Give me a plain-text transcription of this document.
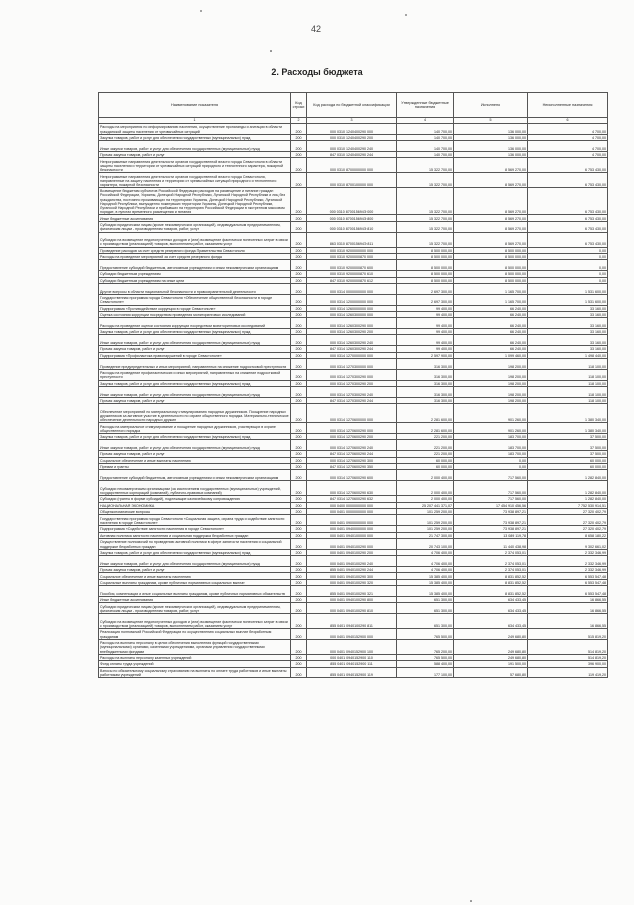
42
2. Расходы бюджета
Наименование показателя	Код строки	Код расхода по бюджетной классификации	Утвержденные бюджетные назначения	Исполнено	Неисполненные назначения
1	2	3	4	5	6
Расходы на мероприятия по информированию населения, осуществление пропаганды и агитации в области гражданской защиты населения от чрезвычайных ситуаций	200	000 0310 1240400290 000	140 700,00	136 000,00	4 700,00
Закупка товаров, работ и услуг для обеспечения государственных (муниципальных) нужд	200	000 0310 1240400290 200	140 700,00	136 000,00	4 700,00
Иные закупки товаров, работ и услуг для обеспечения государственных (муниципальных) нужд	200	000 0310 1240400290 240	140 700,00	136 000,00	4 700,00
Прочая закупка товаров, работ и услуг	200	847 0310 1240400290 244	140 700,00	136 000,00	4 700,00
Непрограммные направления деятельности органов государственной власти города Севастополя в области защиты населения и территории от чрезвычайных ситуаций природного и техногенного характера, пожарной безопасности	200	000 0310 8700000000 000	15 322 700,00	8 569 270,00	6 753 430,00
Непрограммные направления деятельности органов государственной власти города Севастополя, направленные на защиту населения и территории от чрезвычайных ситуаций природного и техногенного характера, пожарной безопасности	200	000 0310 8700100000 000	15 322 700,00	8 569 270,00	6 753 430,00
Возмещение бюджетам субъектов Российской Федерации расходов на размещение и питание граждан Российской Федерации, Украины, Донецкой Народной Республики, Луганской Народной Республики и лиц без гражданства, постоянно проживающих на территориях Украины, Донецкой Народной Республики, Луганской Народной Республики, вынужденно покинувших территории Украины, Донецкой Народной Республики, Луганской Народной Республики и прибывших на территорию Российской Федерации в экстренном массовом порядке, в пунктах временного размещения и питания	200	000 0310 870015694Э 000	15 322 700,00	8 569 270,00	6 753 430,00
Иные бюджетные ассигнования	200	000 0310 870015694Э 800	15 322 700,00	8 569 270,00	6 753 430,00
Субсидии юридическим лицам (кроме некоммерческих организаций), индивидуальным предпринимателям, физическим лицам - производителям товаров, работ, услуг	200	000 0310 870015694Э 810	15 322 700,00	8 569 270,00	6 753 430,00
Субсидии на возмещение недополученных доходов и (или) возмещение фактически понесенных затрат в связи с производством (реализацией) товаров, выполнением работ, оказанием услуг	200	863 0310 870015694Э 811	15 322 700,00	8 569 270,00	6 753 430,00
Проведение расходов за счет средств резервного фонда Правительства Севастополя	200	000 0310 9200000000 000	8 500 000,00	8 500 000,00	0,00
Расходы на проведение мероприятий за счет средств резервного фонда	200	000 0310 9200000870 000	8 500 000,00	8 500 000,00	0,00
Предоставление субсидий бюджетным, автономным учреждениям и иным некоммерческим организациям	200	000 0310 9200000870 600	8 500 000,00	8 500 000,00	0,00
Субсидии бюджетным учреждениям	200	000 0310 9200000870 610	8 500 000,00	8 500 000,00	0,00
Субсидии бюджетным учреждениям на иные цели	200	847 0310 9200000870 612	8 500 000,00	8 500 000,00	0,00
Другие вопросы в области национальной безопасности и правоохранительной деятельности	200	000 0314 0000000000 000	2 697 300,00	1 165 700,00	1 531 600,00
Государственная программа города Севастополя «Обеспечение общественной безопасности в городе Севастополе»	200	000 0314 1200000000 000	2 697 300,00	1 165 700,00	1 531 600,00
Подпрограмма «Противодействие коррупции в городе Севастополе»	200	000 0314 1260000000 000	99 400,00	66 240,00	33 160,00
Оценка состояния коррупции посредством проведения мониторинговых исследований	200	000 0314 1260300000 000	99 400,00	66 240,00	33 160,00
Расходы на проведение оценки состояния коррупции посредством мониторинговых исследований	200	000 0314 1260300290 000	99 400,00	66 240,00	33 160,00
Закупка товаров, работ и услуг для обеспечения государственных (муниципальных) нужд	200	000 0314 1260300290 200	99 400,00	66 240,00	33 160,00
Иные закупки товаров, работ и услуг для обеспечения государственных (муниципальных) нужд	200	000 0314 1260300290 240	99 400,00	66 240,00	33 160,00
Прочая закупка товаров, работ и услуг	200	847 0314 1260300290 244	99 400,00	66 240,00	33 160,00
Подпрограмма «Профилактика правонарушений в городе Севастополе»	200	000 0314 1270000000 000	2 597 900,00	1 099 460,00	1 498 440,00
Проведение предупредительных и иных мероприятий, направленных на снижение подростковой преступности	200	000 0314 1270300000 000	316 300,00	198 200,00	118 100,00
Расходы на проведение профилактических и иных мероприятий, направленных на снижение подростковой преступности	200	000 0314 1270300290 000	316 300,00	198 200,00	118 100,00
Закупка товаров, работ и услуг для обеспечения государственных (муниципальных) нужд	200	000 0314 1270300290 200	316 300,00	198 200,00	118 100,00
Иные закупки товаров, работ и услуг для обеспечения государственных (муниципальных) нужд	200	000 0314 1270300290 240	316 300,00	198 200,00	118 100,00
Прочая закупка товаров, работ и услуг	200	847 0314 1270300290 244	316 300,00	198 200,00	118 100,00
Обеспечение мероприятий по материальному стимулированию народных дружинников. Поощрение народных дружинников за активное участие в деятельности по охране общественного порядка. Материально-техническое обеспечение деятельности народных дружин	200	000 0314 1270600000 000	2 281 600,00	901 260,00	1 380 340,00
Расходы на материальное стимулирование и поощрение народных дружинников, участвующих в охране общественного порядка	200	000 0314 1270600290 000	2 281 600,00	901 260,00	1 380 340,00
Закупка товаров, работ и услуг для обеспечения государственных (муниципальных) нужд	200	000 0314 1270600290 200	221 200,00	183 700,00	37 500,00
Иные закупки товаров, работ и услуг для обеспечения государственных (муниципальных) нужд	200	000 0314 1270600290 240	221 200,00	183 700,00	37 500,00
Прочая закупка товаров, работ и услуг	200	847 0314 1270600290 244	221 200,00	183 700,00	37 500,00
Социальное обеспечение и иные выплаты населению	200	000 0314 1270600290 300	60 000,00	0,00	60 000,00
Премии и гранты	200	847 0314 1270600290 350	60 000,00	0,00	60 000,00
Предоставление субсидий бюджетным, автономным учреждениям и иным некоммерческим организациям	200	000 0314 1270600290 600	2 000 400,00	717 560,00	1 282 840,00
Субсидии некоммерческим организациям (за исключением государственных (муниципальных) учреждений, государственных корпораций (компаний), публично-правовых компаний)	200	000 0314 1270600290 630	2 000 400,00	717 560,00	1 282 840,00
Субсидии (гранты в форме субсидий), подлежащие казначейскому сопровождению	200	847 0314 1270600290 632	2 000 400,00	717 560,00	1 282 840,00
НАЦИОНАЛЬНАЯ ЭКОНОМИКА	200	000 0400 0000000000 000	25 207 441 371,07	17 454 910 456,56	7 752 530 914,51
Общеэкономические вопросы	200	000 0401 0000000000 000	101 259 200,00	73 938 897,21	27 320 402,79
Государственная программа города Севастополя «Социальная защита, охрана труда и содействие занятости населения в городе Севастополе»	200	000 0401 0900000000 000	101 259 200,00	73 938 897,21	27 320 402,79
Подпрограмма «Содействие занятости населения в городе Севастополе»	200	000 0401 0940000000 000	101 259 200,00	73 938 897,21	27 320 402,79
Активная политика занятости населения и социальная поддержка безработных граждан	200	000 0401 0940100000 000	21 747 300,00	13 089 119,78	8 658 180,22
Осуществление полномочий по проведению активной политики в сфере занятости населения и социальной поддержке безработных граждан	200	000 0401 0940100290 000	20 743 100,00	11 440 438,98	9 302 661,02
Закупка товаров, работ и услуг для обеспечения государственных (муниципальных) нужд	200	000 0401 0940100290 200	4 706 400,00	2 374 053,01	2 332 346,99
Иные закупки товаров, работ и услуг для обеспечения государственных (муниципальных) нужд	200	000 0401 0940100290 240	4 706 400,00	2 374 053,01	2 332 346,99
Прочая закупка товаров, работ и услуг	200	855 0401 0940100290 244	4 706 400,00	2 374 053,01	2 332 346,99
Социальное обеспечение и иные выплаты населению	200	000 0401 0940100290 300	15 385 400,00	8 831 852,52	6 553 547,48
Социальные выплаты гражданам, кроме публичных нормативных социальных выплат	200	000 0401 0940100290 320	15 385 400,00	8 831 852,52	6 553 547,48
Пособия, компенсации и иные социальные выплаты гражданам, кроме публичных нормативных обязательств	200	855 0401 0940100290 321	15 385 400,00	8 831 852,52	6 553 547,48
Иные бюджетные ассигнования	200	000 0401 0940100290 800	651 300,00	634 433,45	16 866,55
Субсидии юридическим лицам (кроме некоммерческих организаций), индивидуальным предпринимателям, физическим лицам - производителям товаров, работ, услуг	200	000 0401 0940100290 810	651 300,00	634 433,45	16 866,55
Субсидии на возмещение недополученных доходов и (или) возмещение фактически понесенных затрат в связи с производством (реализацией) товаров, выполнением работ, оказанием услуг	200	855 0401 0940100290 811	651 300,00	634 433,45	16 866,55
Реализация полномочий Российской Федерации по осуществлению социальных выплат безработным гражданам	200	000 0401 0940152900 000	765 500,00	249 680,80	515 819,20
Расходы на выплаты персоналу в целях обеспечения выполнения функций государственными (муниципальными) органами, казенными учреждениями, органами управления государственными внебюджетными фондами	200	000 0401 0940152900 100	765 200,00	249 680,80	514 819,20
Расходы на выплаты персоналу казенных учреждений	200	000 0401 0940152900 110	765 500,00	249 680,80	514 819,20
Фонд оплаты труда учреждений	200	855 0401 0940152900 111	588 400,00	191 500,00	396 900,00
Взносы по обязательному социальному страхованию на выплаты по оплате труда работников и иные выплаты работникам учреждений	200	855 0401 0940152900 119	177 100,00	57 680,80	119 419,20
